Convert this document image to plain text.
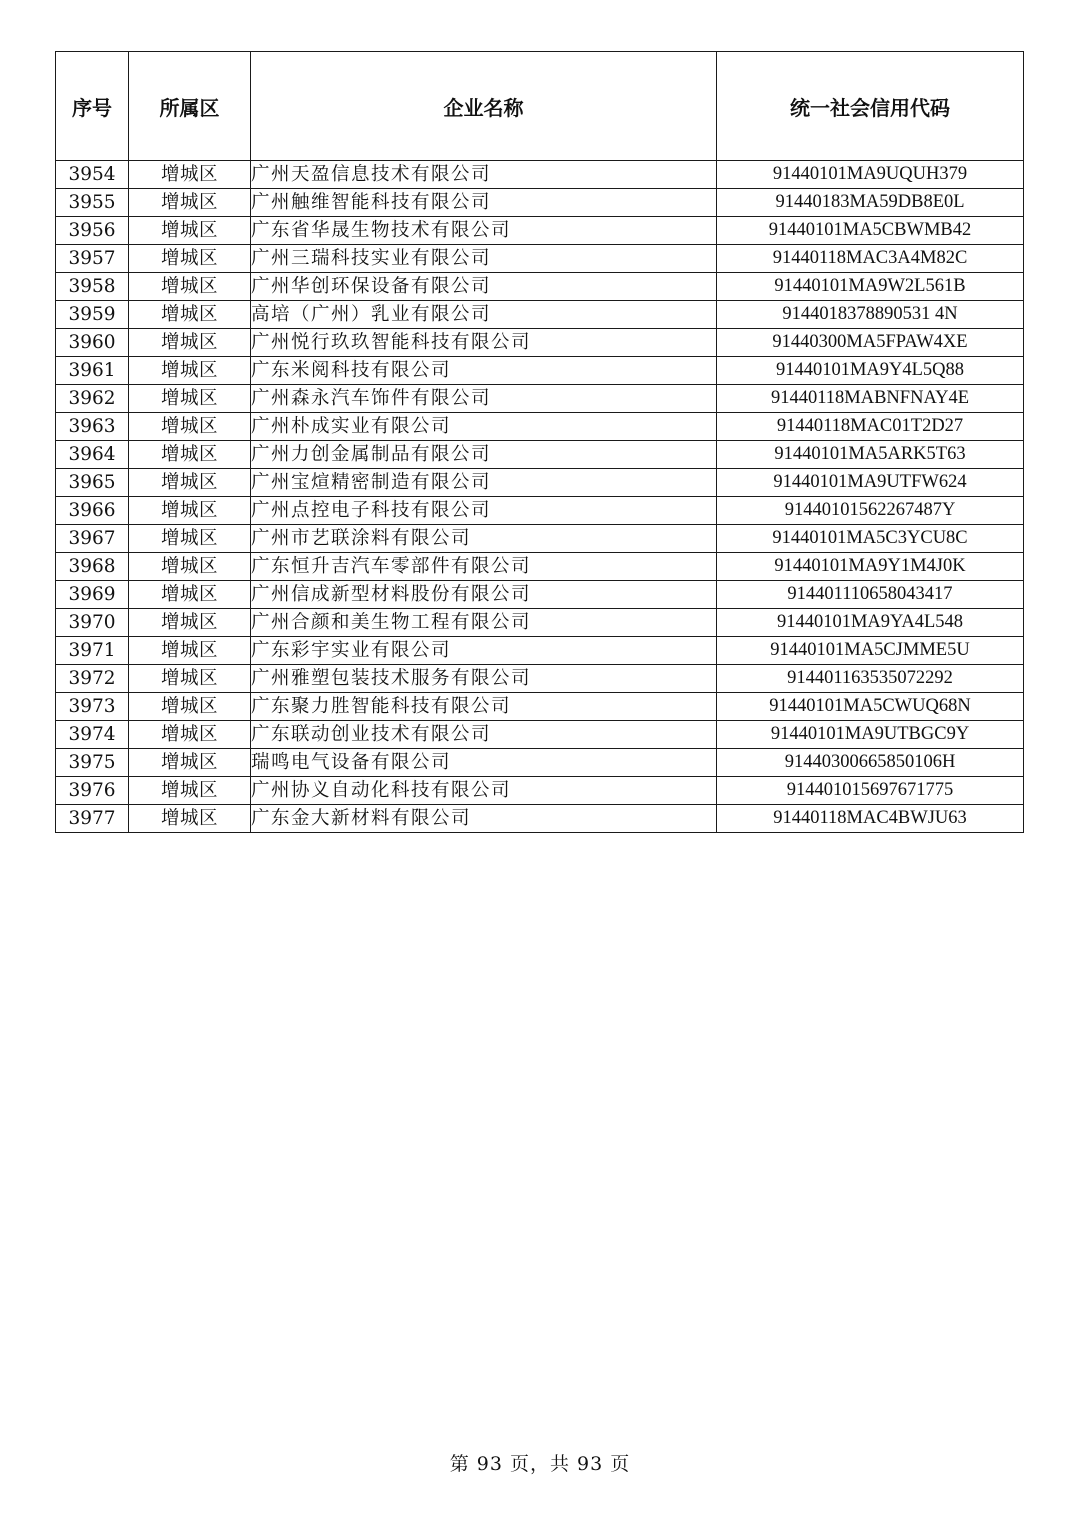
序号	所属区	企业名称	统一社会信用代码
3954	增城区	广州天盈信息技术有限公司	91440101MA9UQUH379
3955	增城区	广州触维智能科技有限公司	91440183MA59DB8E0L
3956	增城区	广东省华晟生物技术有限公司	91440101MA5CBWMB42
3957	增城区	广州三瑞科技实业有限公司	91440118MAC3A4M82C
3958	增城区	广州华创环保设备有限公司	91440101MA9W2L561B
3959	增城区	高培（广州）乳业有限公司	9144018378890531 4N
3960	增城区	广州悦行玖玖智能科技有限公司	91440300MA5FPAW4XE
3961	增城区	广东米阅科技有限公司	91440101MA9Y4L5Q88
3962	增城区	广州森永汽车饰件有限公司	91440118MABNFNAY4E
3963	增城区	广州朴成实业有限公司	91440118MAC01T2D27
3964	增城区	广州力创金属制品有限公司	91440101MA5ARK5T63
3965	增城区	广州宝煊精密制造有限公司	91440101MA9UTFW624
3966	增城区	广州点控电子科技有限公司	91440101562267487Y
3967	增城区	广州市艺联涂料有限公司	91440101MA5C3YCU8C
3968	增城区	广东恒升吉汽车零部件有限公司	91440101MA9Y1M4J0K
3969	增城区	广州信成新型材料股份有限公司	914401110658043417
3970	增城区	广州合颜和美生物工程有限公司	91440101MA9YA4L548
3971	增城区	广东彩宇实业有限公司	91440101MA5CJMME5U
3972	增城区	广州雅塑包装技术服务有限公司	914401163535072292
3973	增城区	广东聚力胜智能科技有限公司	91440101MA5CWUQ68N
3974	增城区	广东联动创业技术有限公司	91440101MA9UTBGC9Y
3975	增城区	瑞鸣电气设备有限公司	91440300665850106H
3976	增城区	广州协义自动化科技有限公司	914401015697671775
3977	增城区	广东金大新材料有限公司	91440118MAC4BWJU63
第 93 页，共 93 页
